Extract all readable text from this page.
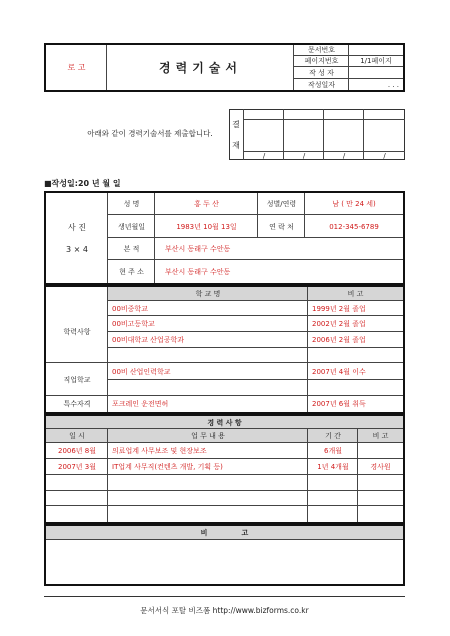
로 고	경력기술서
문서번호
페이지번호	1/1페이지
작 성 자
작성일자	. . .
아래와 같이 경력기술서를 제출합니다.
결
재
/	/	/	/
■작성일:20 년 월 일
사 진
3 × 4
성 명	홍 두 산	성별/연령	남 ( 만 24 세)
생년월일	1983년 10월 13일	연 락 처	012-345-6789
본 적	부산시 동래구 수안동
현 주 소	부산시 동래구 수안동
학 교 명	비 고
학력사항
00비중학교	1999년 2월 졸업
00비고등학교	2002년 2월 졸업
00비대학교 산업공학과	2006년 2월 졸업
직업학교
00비 산업인력학교	2007년 4월 이수
특수자격	포크레인 운전면허	2007년 6월 취득
경 력 사 항
일 시	업 무 내 용	기 간	비 고
2006년 8월	의료업계 사무보조 및 현장보조	6개월
2007년 3월	IT업계 사무직(컨텐츠 개발, 기획 등)	1년 4개월	경사원
비              고
문서서식 포탈 비즈폼 http://www.bizforms.co.kr
